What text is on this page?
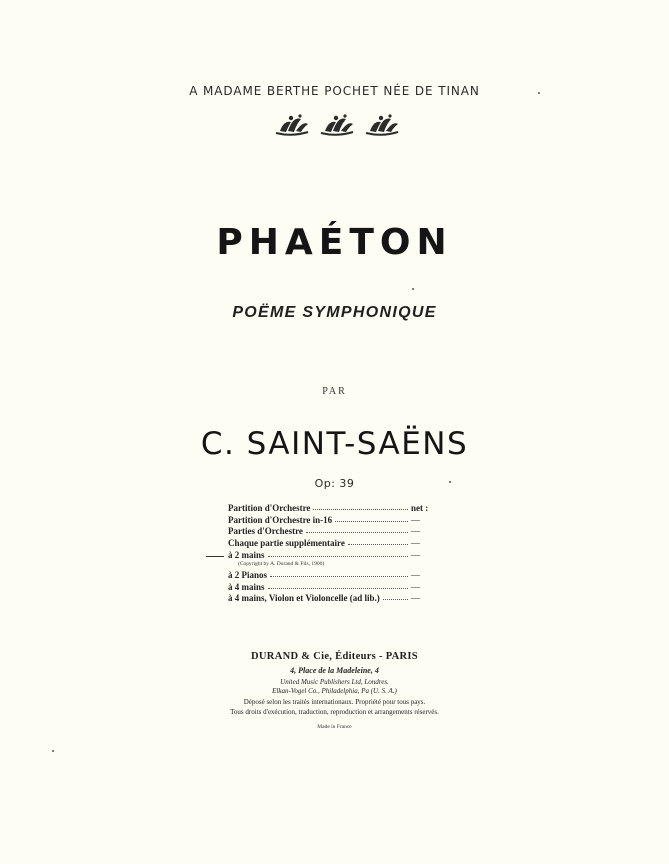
A MADAME BERTHE POCHET NÉE DE TINAN
PHAÉTON
POËME SYMPHONIQUE
PAR
C. SAINT-SAËNS
Op: 39
Partition d'Orchestre	net :
Partition d'Orchestre in-16	—
Parties d'Orchestre	—
Chaque partie supplémentaire	—
à 2 mains	—
(Copyright by A. Durand & Fils, 1900)
à 2 Pianos	—
à 4 mains	—
à 4 mains, Violon et Violoncelle (ad lib.)	—
DURAND & Cie, Éditeurs - PARIS
4, Place de la Madeleine, 4
United Music Publishers Ltd, Londres.
Elkan-Vogel Co., Philadelphia, Pa (U. S. A.)
Déposé selon les traités internationaux. Propriété pour tous pays.
Tous droits d'exécution, traduction, reproduction et arrangements réservés.
Made in France
